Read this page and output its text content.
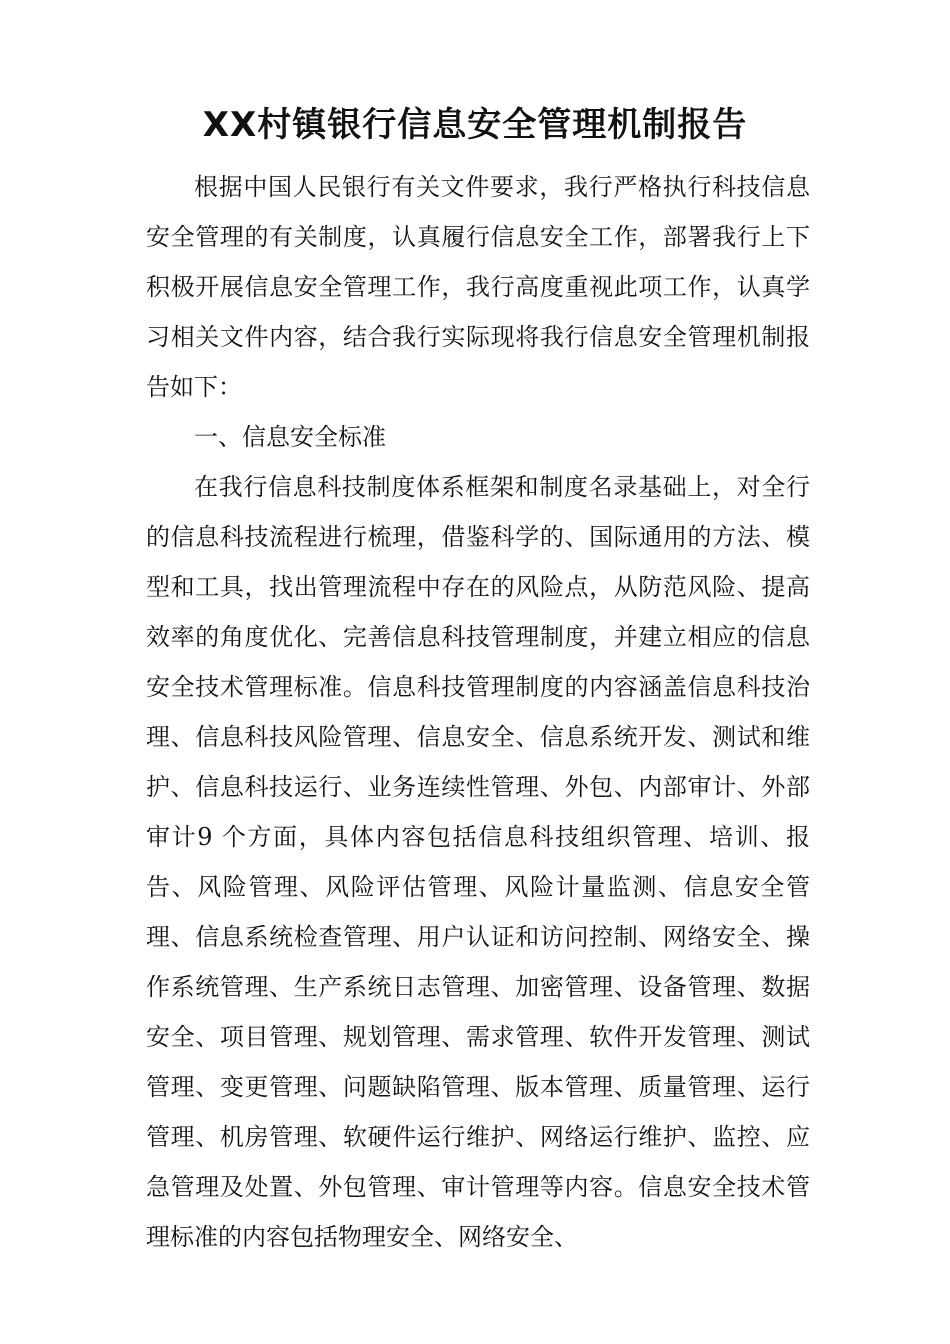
XX村镇银行信息安全管理机制报告

根据中国人民银行有关文件要求，我行严格执行科技信息安全管理的有关制度，认真履行信息安全工作，部署我行上下积极开展信息安全管理工作，我行高度重视此项工作，认真学习相关文件内容，结合我行实际现将我行信息安全管理机制报告如下：

一、信息安全标准

在我行信息科技制度体系框架和制度名录基础上，对全行的信息科技流程进行梳理，借鉴科学的、国际通用的方法、模型和工具，找出管理流程中存在的风险点，从防范风险、提高效率的角度优化、完善信息科技管理制度，并建立相应的信息安全技术管理标准。信息科技管理制度的内容涵盖信息科技治理、信息科技风险管理、信息安全、信息系统开发、测试和维护、信息科技运行、业务连续性管理、外包、内部审计、外部审计9 个方面，具体内容包括信息科技组织管理、培训、报告、风险管理、风险评估管理、风险计量监测、信息安全管理、信息系统检查管理、用户认证和访问控制、网络安全、操作系统管理、生产系统日志管理、加密管理、设备管理、数据安全、项目管理、规划管理、需求管理、软件开发管理、测试管理、变更管理、问题缺陷管理、版本管理、质量管理、运行管理、机房管理、软硬件运行维护、网络运行维护、监控、应急管理及处置、外包管理、审计管理等内容。信息安全技术管理标准的内容包括物理安全、网络安全、
